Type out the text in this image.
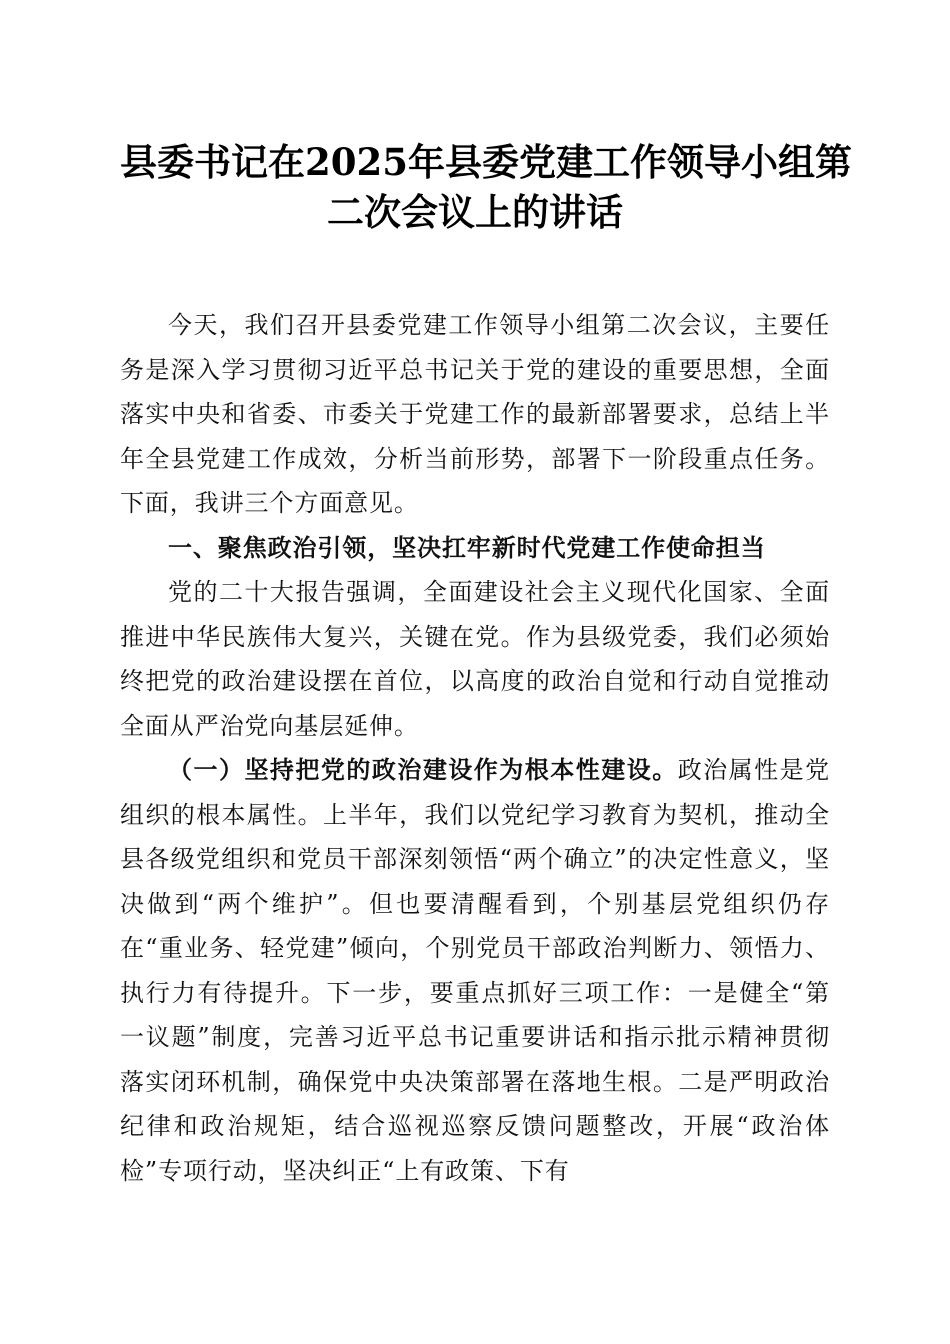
县委书记在2025年县委党建工作领导小组第
二次会议上的讲话

今天，我们召开县委党建工作领导小组第二次会议，主要任务是深入学习贯彻习近平总书记关于党的建设的重要思想，全面落实中央和省委、市委关于党建工作的最新部署要求，总结上半年全县党建工作成效，分析当前形势，部署下一阶段重点任务。下面，我讲三个方面意见。

一、聚焦政治引领，坚决扛牢新时代党建工作使命担当

党的二十大报告强调，全面建设社会主义现代化国家、全面推进中华民族伟大复兴，关键在党。作为县级党委，我们必须始终把党的政治建设摆在首位，以高度的政治自觉和行动自觉推动全面从严治党向基层延伸。

（一）坚持把党的政治建设作为根本性建设。政治属性是党组织的根本属性。上半年，我们以党纪学习教育为契机，推动全县各级党组织和党员干部深刻领悟“两个确立”的决定性意义，坚决做到“两个维护”。但也要清醒看到，个别基层党组织仍存在“重业务、轻党建”倾向，个别党员干部政治判断力、领悟力、执行力有待提升。下一步，要重点抓好三项工作：一是健全“第一议题”制度，完善习近平总书记重要讲话和指示批示精神贯彻落实闭环机制，确保党中央决策部署在落地生根。二是严明政治纪律和政治规矩，结合巡视巡察反馈问题整改，开展“政治体检”专项行动，坚决纠正“上有政策、下有
